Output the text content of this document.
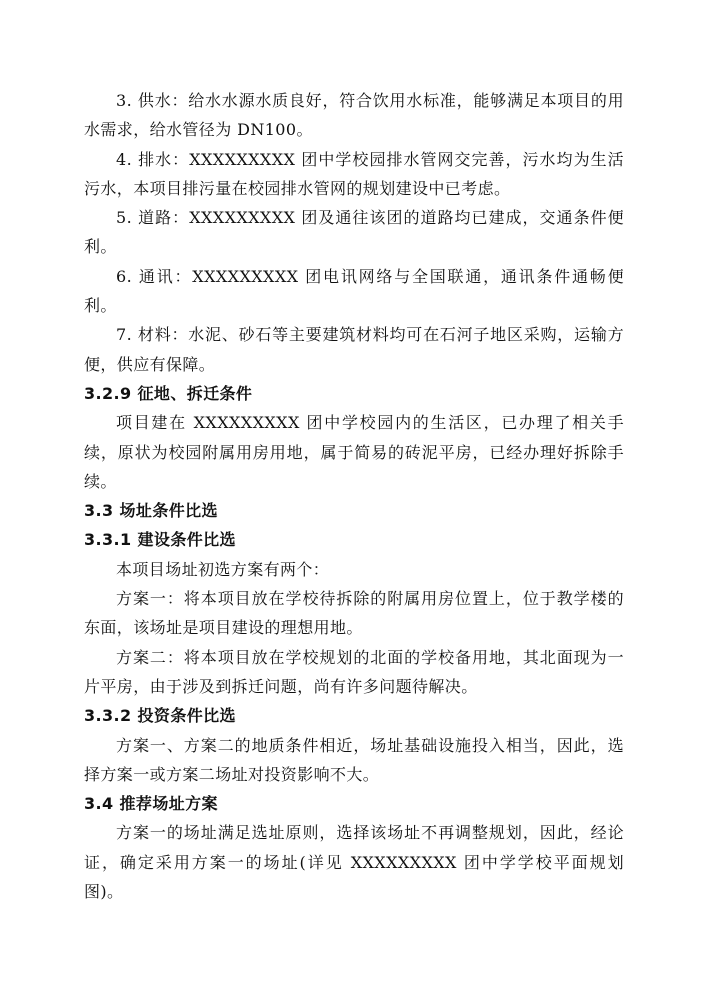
3. 供水：给水水源水质良好，符合饮用水标准，能够满足本项目的用水需求，给水管径为 DN100。

4. 排水：XXXXXXXXX 团中学校园排水管网交完善，污水均为生活污水，本项目排污量在校园排水管网的规划建设中已考虑。

5. 道路：XXXXXXXXX 团及通往该团的道路均已建成，交通条件便利。

6. 通讯：XXXXXXXXX 团电讯网络与全国联通，通讯条件通畅便利。

7. 材料：水泥、砂石等主要建筑材料均可在石河子地区采购，运输方便，供应有保障。

3.2.9 征地、拆迁条件

项目建在 XXXXXXXXX 团中学校园内的生活区，已办理了相关手续，原状为校园附属用房用地，属于简易的砖泥平房，已经办理好拆除手续。

3.3 场址条件比选
3.3.1 建设条件比选

本项目场址初选方案有两个：

方案一：将本项目放在学校待拆除的附属用房位置上，位于教学楼的东面，该场址是项目建设的理想用地。

方案二：将本项目放在学校规划的北面的学校备用地，其北面现为一片平房，由于涉及到拆迁问题，尚有许多问题待解决。

3.3.2 投资条件比选

方案一、方案二的地质条件相近，场址基础设施投入相当，因此，选择方案一或方案二场址对投资影响不大。

3.4 推荐场址方案

方案一的场址满足选址原则，选择该场址不再调整规划，因此，经论证，确定采用方案一的场址(详见 XXXXXXXXX 团中学学校平面规划图)。
